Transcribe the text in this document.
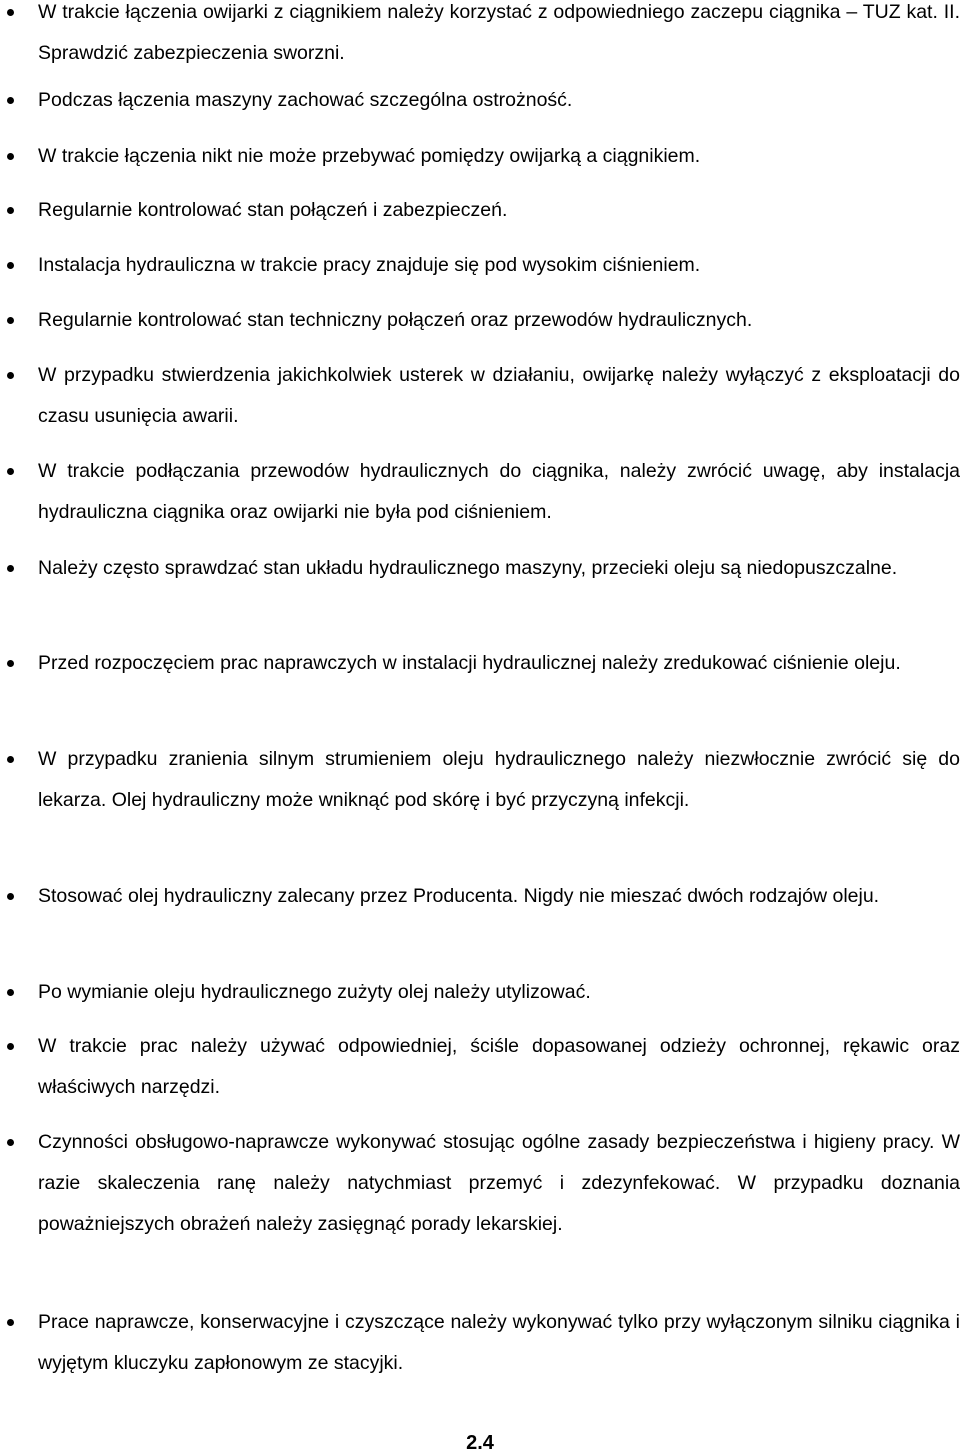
W trakcie łączenia owijarki z ciągnikiem należy korzystać z odpowiedniego zaczepu ciągnika – TUZ kat. II. Sprawdzić zabezpieczenia sworzni.
Podczas łączenia maszyny zachować szczególna ostrożność.
W trakcie łączenia nikt nie może przebywać pomiędzy owijarką a ciągnikiem.
Regularnie kontrolować stan połączeń i zabezpieczeń.
Instalacja hydrauliczna w trakcie pracy znajduje się pod wysokim ciśnieniem.
Regularnie kontrolować stan techniczny połączeń oraz przewodów hydraulicznych.
W przypadku stwierdzenia jakichkolwiek usterek w działaniu, owijarkę należy wyłączyć z eksploatacji do czasu usunięcia awarii.
W trakcie podłączania przewodów hydraulicznych do ciągnika, należy zwrócić uwagę, aby instalacja hydrauliczna ciągnika oraz owijarki nie była pod ciśnieniem.
Należy często sprawdzać stan układu hydraulicznego maszyny, przecieki oleju są niedopuszczalne.
Przed rozpoczęciem prac naprawczych w instalacji hydraulicznej należy zredukować ciśnienie oleju.
W przypadku zranienia silnym strumieniem oleju hydraulicznego należy niezwłocznie zwrócić się do lekarza. Olej hydrauliczny może wniknąć pod skórę i być przyczyną infekcji.
Stosować olej hydrauliczny zalecany przez Producenta. Nigdy nie mieszać dwóch rodzajów oleju.
Po wymianie oleju hydraulicznego zużyty olej należy utylizować.
W trakcie prac należy używać odpowiedniej, ściśle dopasowanej odzieży ochronnej, rękawic oraz właściwych narzędzi.
Czynności obsługowo-naprawcze wykonywać stosując ogólne zasady bezpieczeństwa i higieny pracy. W razie skaleczenia ranę należy natychmiast przemyć i zdezynfekować. W przypadku doznania poważniejszych obrażeń należy zasięgnąć porady lekarskiej.
Prace naprawcze, konserwacyjne i czyszczące należy wykonywać tylko przy wyłączonym silniku ciągnika i wyjętym kluczyku zapłonowym ze stacyjki.
2.4
